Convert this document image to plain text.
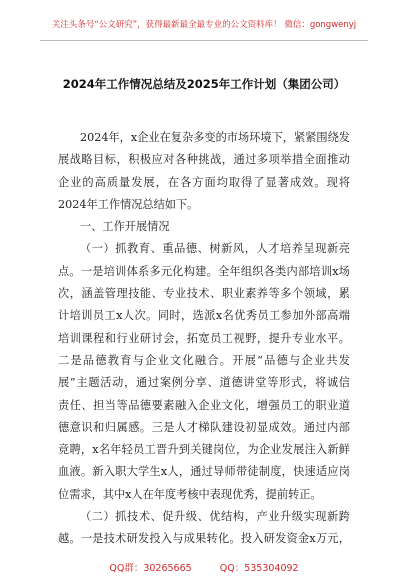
关注头条号“公文研究”，获得最新最全最专业的公文资料库！ 微信：gongwenyj
2024年工作情况总结及2025年工作计划（集团公司）
2024年，x企业在复杂多变的市场环境下，紧紧围绕发
展战略目标，积极应对各种挑战，通过多项举措全面推动
企业的高质量发展，在各方面均取得了显著成效。现将
2024年工作情况总结如下。
一、工作开展情况
（一）抓教育、重品德、树新风，人才培养呈现新亮
点。一是培训体系多元化构建。全年组织各类内部培训x场
次，涵盖管理技能、专业技术、职业素养等多个领域，累
计培训员工x人次。同时，选派x名优秀员工参加外部高端
培训课程和行业研讨会，拓宽员工视野，提升专业水平。
二是品德教育与企业文化融合。开展“品德与企业共发
展”主题活动，通过案例分享、道德讲堂等形式，将诚信
责任、担当等品德要素融入企业文化，增强员工的职业道
德意识和归属感。三是人才梯队建设初显成效。通过内部
竞聘，x名年轻员工晋升到关键岗位，为企业发展注入新鲜
血液。新入职大学生x人，通过导师带徒制度，快速适应岗
位需求，其中x人在年度考核中表现优秀，提前转正。
（二）抓技术、促升级、优结构，产业升级实现新跨
越。一是技术研发投入与成果转化。投入研发资金x万元，
QQ群：30265665	QQ：535304092
